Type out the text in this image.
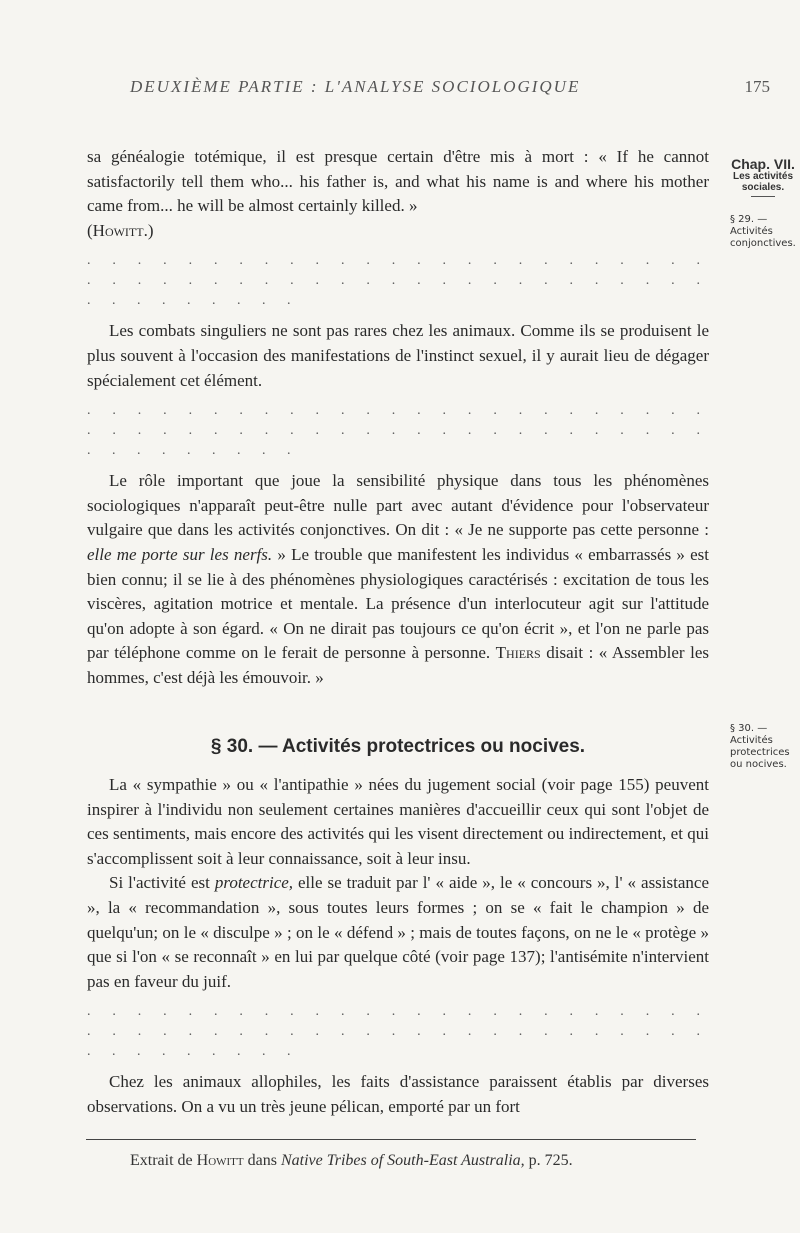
DEUXIÈME PARTIE : L'ANALYSE SOCIOLOGIQUE	175
Chap. VII.
Les activités
sociales.
§ 29. — Activités conjonctives.
§ 30. — Activités protectrices ou nocives.

sa généalogie totémique, il est presque certain d'être mis à mort : « If he cannot satisfactorily tell them who... his father is, and what his name is and where his mother came from... he will be almost certainly killed. »
(Howitt.)

. . . . . . . . . . . . . . . . . . . . . . . . . . . . . . . . . . . . . . . . . . . . . . . . . . . . . . . . . . .

Les combats singuliers ne sont pas rares chez les animaux. Comme ils se produisent le plus souvent à l'occasion des manifestations de l'instinct sexuel, il y aurait lieu de dégager spécialement cet élément.

. . . . . . . . . . . . . . . . . . . . . . . . . . . . . . . . . . . . . . . . . . . . . . . . . . . . . . . . . . .

Le rôle important que joue la sensibilité physique dans tous les phénomènes sociologiques n'apparaît peut-être nulle part avec autant d'évidence pour l'observateur vulgaire que dans les activités conjonctives. On dit : « Je ne supporte pas cette personne : elle me porte sur les nerfs. » Le trouble que manifestent les individus « embarrassés » est bien connu; il se lie à des phénomènes physiologiques caractérisés : excitation de tous les viscères, agitation motrice et mentale. La présence d'un interlocuteur agit sur l'attitude qu'on adopte à son égard. « On ne dirait pas toujours ce qu'on écrit », et l'on ne parle pas par téléphone comme on le ferait de personne à personne. Thiers disait : « Assembler les hommes, c'est déjà les émouvoir. »

§ 30. — Activités protectrices ou nocives.

La « sympathie » ou « l'antipathie » nées du jugement social (voir page 155) peuvent inspirer à l'individu non seulement certaines manières d'accueillir ceux qui sont l'objet de ces sentiments, mais encore des activités qui les visent directement ou indirectement, et qui s'accomplissent soit à leur connaissance, soit à leur insu.

Si l'activité est protectrice, elle se traduit par l' « aide », le « concours », l' « assistance », la « recommandation », sous toutes leurs formes ; on se « fait le champion » de quelqu'un; on le « disculpe » ; on le « défend » ; mais de toutes façons, on ne le « protège » que si l'on « se reconnaît » en lui par quelque côté (voir page 137); l'antisémite n'intervient pas en faveur du juif.

. . . . . . . . . . . . . . . . . . . . . . . . . . . . . . . . . . . . . . . . . . . . . . . . . . . . . . . . . . .

Chez les animaux allophiles, les faits d'assistance paraissent établis par diverses observations. On a vu un très jeune pélican, emporté par un fort

Extrait de Howitt dans Native Tribes of South-East Australia, p. 725.
